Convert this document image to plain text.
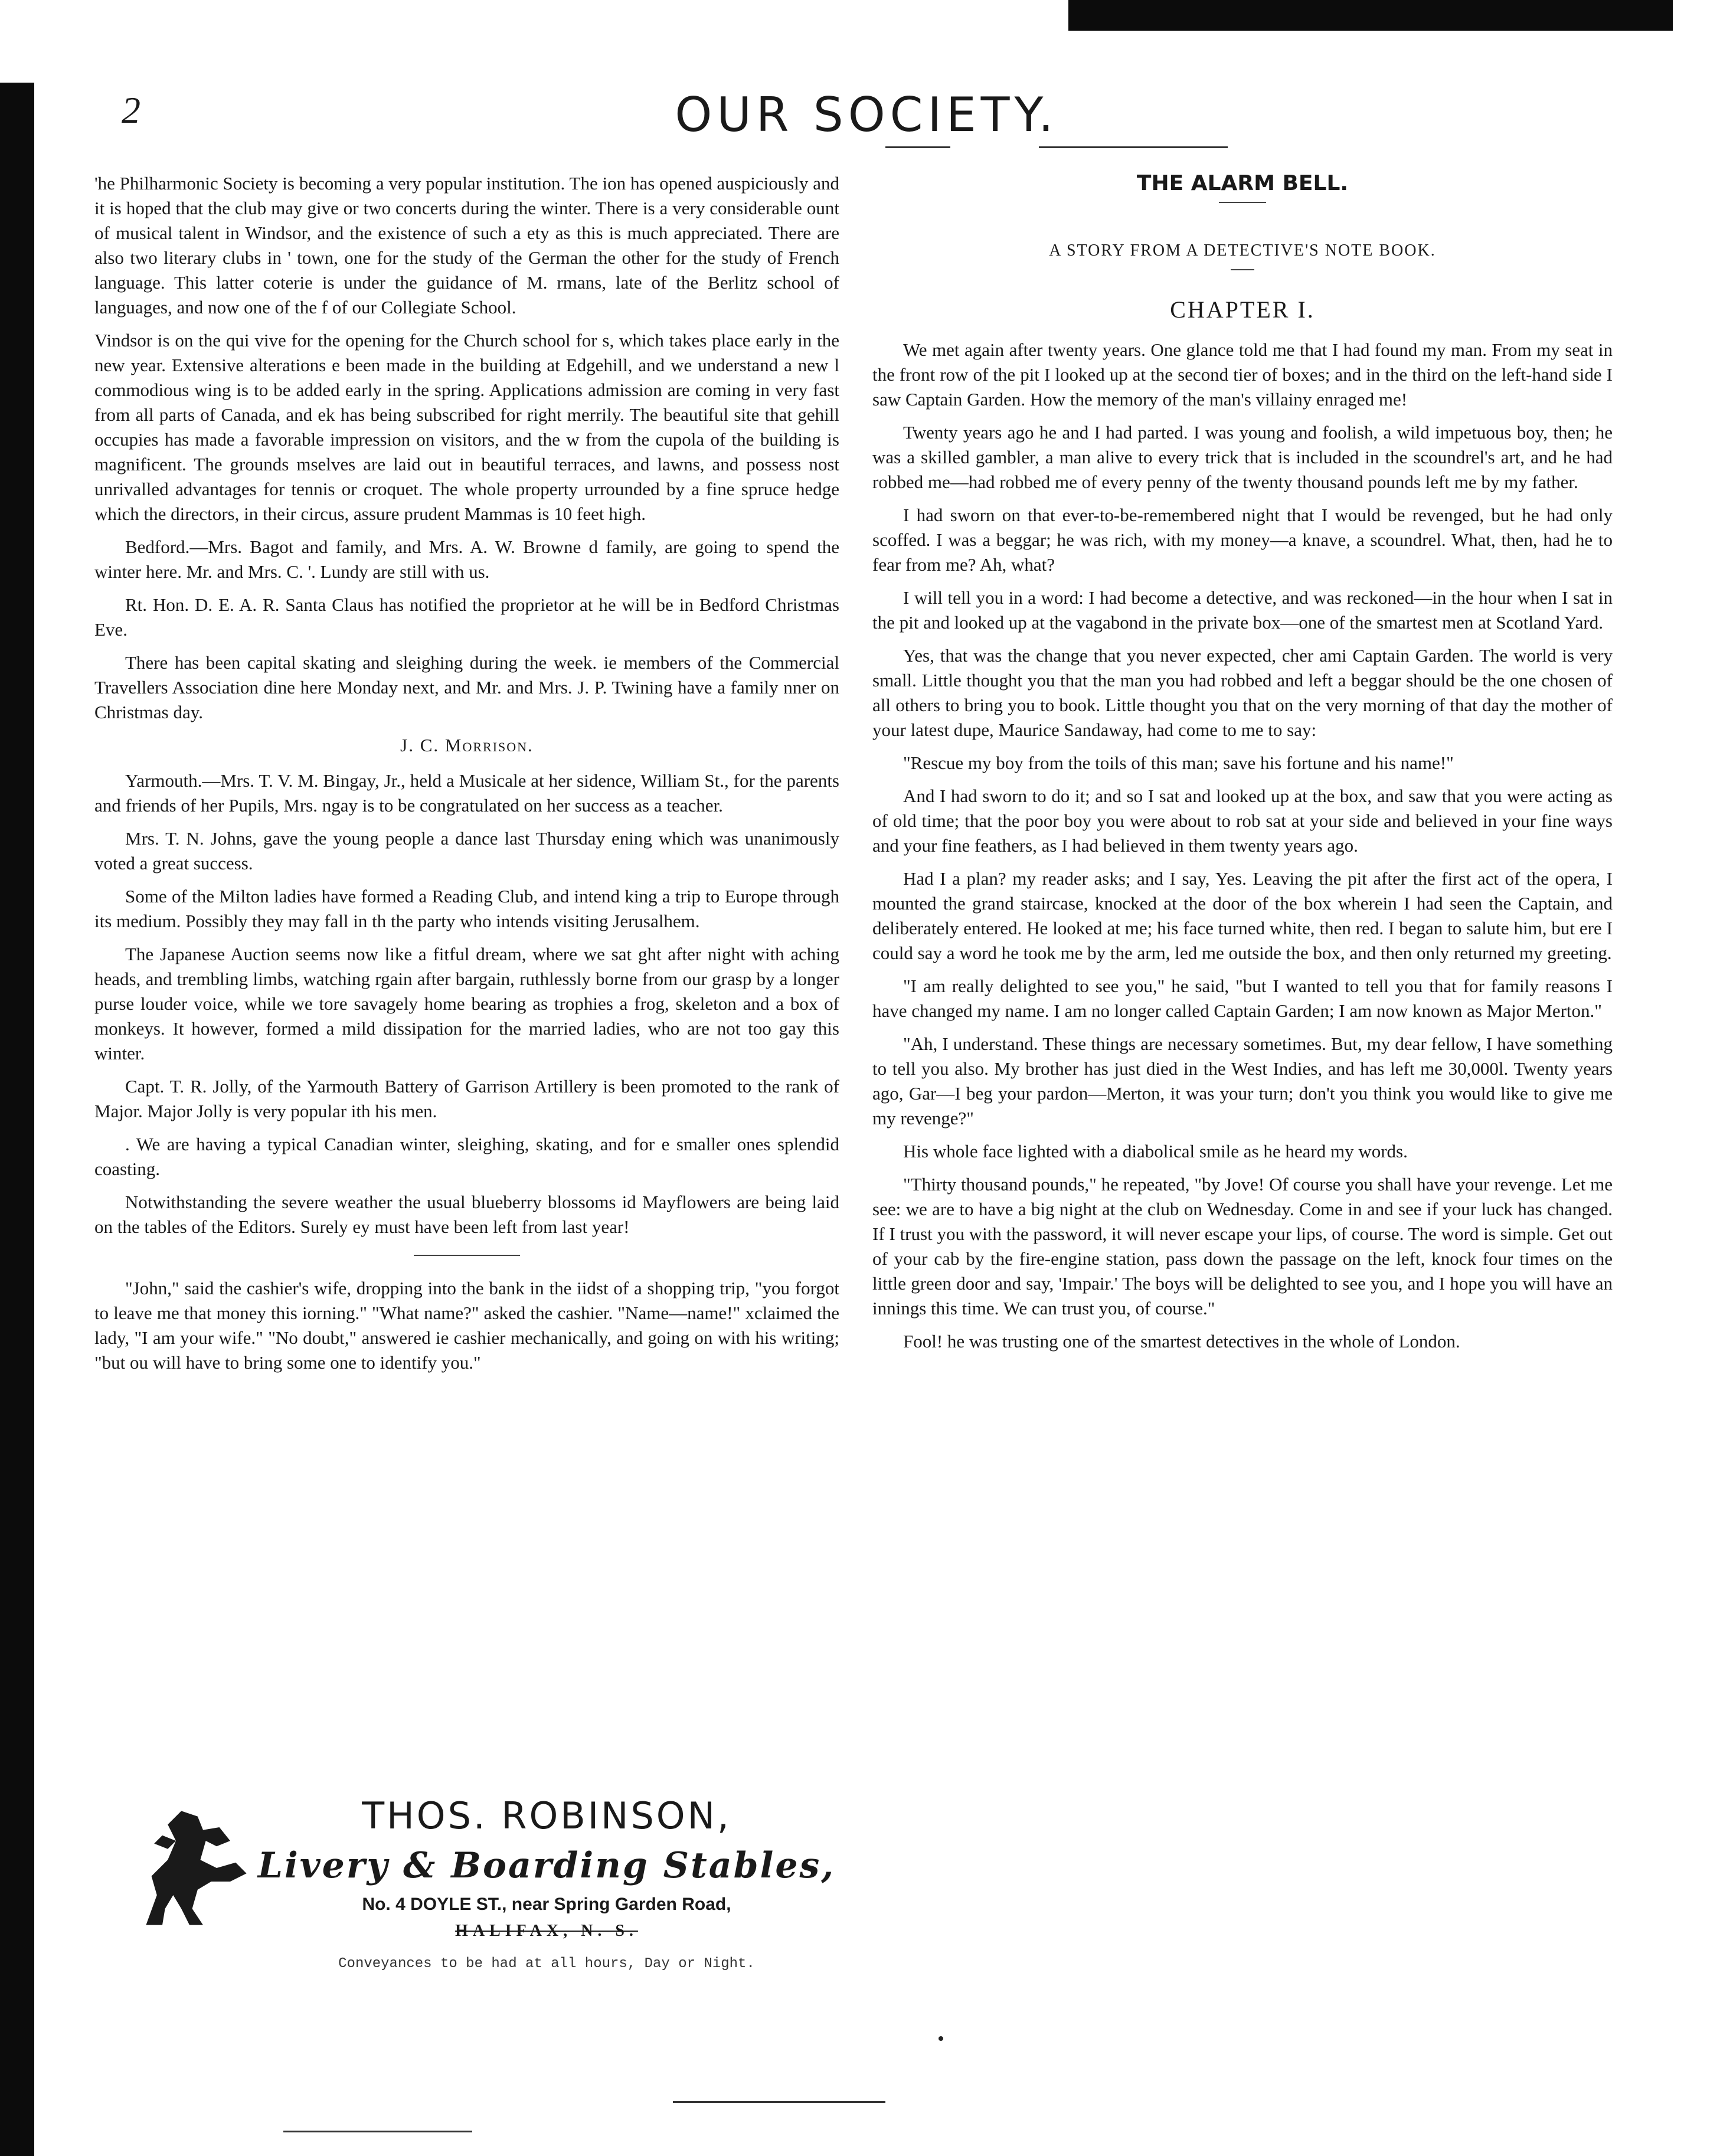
2	OUR SOCIETY.

'he Philharmonic Society is becoming a very popular institution. The ion has opened auspiciously and it is hoped that the club may give or two concerts during the winter. There is a very considerable ount of musical talent in Windsor, and the existence of such a ety as this is much appreciated. There are also two literary clubs in ' town, one for the study of the German the other for the study of French language. This latter coterie is under the guidance of M. rmans, late of the Berlitz school of languages, and now one of the f of our Collegiate School.

Vindsor is on the qui vive for the opening for the Church school for s, which takes place early in the new year. Extensive alterations e been made in the building at Edgehill, and we understand a new l commodious wing is to be added early in the spring. Applications admission are coming in very fast from all parts of Canada, and ek has being subscribed for right merrily. The beautiful site that gehill occupies has made a favorable impression on visitors, and the w from the cupola of the building is magnificent. The grounds mselves are laid out in beautiful terraces, and lawns, and possess nost unrivalled advantages for tennis or croquet. The whole property urrounded by a fine spruce hedge which the directors, in their circus, assure prudent Mammas is 10 feet high.

Bedford.—Mrs. Bagot and family, and Mrs. A. W. Browne d family, are going to spend the winter here. Mr. and Mrs. C. '. Lundy are still with us.

Rt. Hon. D. E. A. R. Santa Claus has notified the proprietor at he will be in Bedford Christmas Eve.

There has been capital skating and sleighing during the week. ie members of the Commercial Travellers Association dine here Monday next, and Mr. and Mrs. J. P. Twining have a family nner on Christmas day.

J. C. Morrison.

Yarmouth.—Mrs. T. V. M. Bingay, Jr., held a Musicale at her sidence, William St., for the parents and friends of her Pupils, Mrs. ngay is to be congratulated on her success as a teacher.

Mrs. T. N. Johns, gave the young people a dance last Thursday ening which was unanimously voted a great success.

Some of the Milton ladies have formed a Reading Club, and intend king a trip to Europe through its medium. Possibly they may fall in th the party who intends visiting Jerusalhem.

The Japanese Auction seems now like a fitful dream, where we sat ght after night with aching heads, and trembling limbs, watching rgain after bargain, ruthlessly borne from our grasp by a longer purse louder voice, while we tore savagely home bearing as trophies a frog, skeleton and a box of monkeys. It however, formed a mild dissipation for the married ladies, who are not too gay this winter.

Capt. T. R. Jolly, of the Yarmouth Battery of Garrison Artillery is been promoted to the rank of Major. Major Jolly is very popular ith his men.

. We are having a typical Canadian winter, sleighing, skating, and for e smaller ones splendid coasting.

Notwithstanding the severe weather the usual blueberry blossoms id Mayflowers are being laid on the tables of the Editors. Surely ey must have been left from last year!

"John," said the cashier's wife, dropping into the bank in the iidst of a shopping trip, "you forgot to leave me that money this iorning." "What name?" asked the cashier. "Name—name!" xclaimed the lady, "I am your wife." "No doubt," answered ie cashier mechanically, and going on with his writing; "but ou will have to bring some one to identify you."

THOS. ROBINSON,
Livery & Boarding Stables,
No. 4 DOYLE ST., near Spring Garden Road,
HALIFAX, N. S.
Conveyances to be had at all hours, Day or Night.
THE ALARM BELL.
A STORY FROM A DETECTIVE'S NOTE BOOK.
CHAPTER I.

We met again after twenty years. One glance told me that I had found my man. From my seat in the front row of the pit I looked up at the second tier of boxes; and in the third on the left-hand side I saw Captain Garden. How the memory of the man's villainy enraged me!

Twenty years ago he and I had parted. I was young and foolish, a wild impetuous boy, then; he was a skilled gambler, a man alive to every trick that is included in the scoundrel's art, and he had robbed me—had robbed me of every penny of the twenty thousand pounds left me by my father.

I had sworn on that ever-to-be-remembered night that I would be revenged, but he had only scoffed. I was a beggar; he was rich, with my money—a knave, a scoundrel. What, then, had he to fear from me? Ah, what?

I will tell you in a word: I had become a detective, and was reckoned—in the hour when I sat in the pit and looked up at the vagabond in the private box—one of the smartest men at Scotland Yard.

Yes, that was the change that you never expected, cher ami Captain Garden. The world is very small. Little thought you that the man you had robbed and left a beggar should be the one chosen of all others to bring you to book. Little thought you that on the very morning of that day the mother of your latest dupe, Maurice Sandaway, had come to me to say:

"Rescue my boy from the toils of this man; save his fortune and his name!"

And I had sworn to do it; and so I sat and looked up at the box, and saw that you were acting as of old time; that the poor boy you were about to rob sat at your side and believed in your fine ways and your fine feathers, as I had believed in them twenty years ago.

Had I a plan? my reader asks; and I say, Yes. Leaving the pit after the first act of the opera, I mounted the grand staircase, knocked at the door of the box wherein I had seen the Captain, and deliberately entered. He looked at me; his face turned white, then red. I began to salute him, but ere I could say a word he took me by the arm, led me outside the box, and then only returned my greeting.

"I am really delighted to see you," he said, "but I wanted to tell you that for family reasons I have changed my name. I am no longer called Captain Garden; I am now known as Major Merton."

"Ah, I understand. These things are necessary sometimes. But, my dear fellow, I have something to tell you also. My brother has just died in the West Indies, and has left me 30,000l. Twenty years ago, Gar—I beg your pardon—Merton, it was your turn; don't you think you would like to give me my revenge?"

His whole face lighted with a diabolical smile as he heard my words.

"Thirty thousand pounds," he repeated, "by Jove! Of course you shall have your revenge. Let me see: we are to have a big night at the club on Wednesday. Come in and see if your luck has changed. If I trust you with the password, it will never escape your lips, of course. The word is simple. Get out of your cab by the fire-engine station, pass down the passage on the left, knock four times on the little green door and say, 'Impair.' The boys will be delighted to see you, and I hope you will have an innings this time. We can trust you, of course."

Fool! he was trusting one of the smartest detectives in the whole of London.
